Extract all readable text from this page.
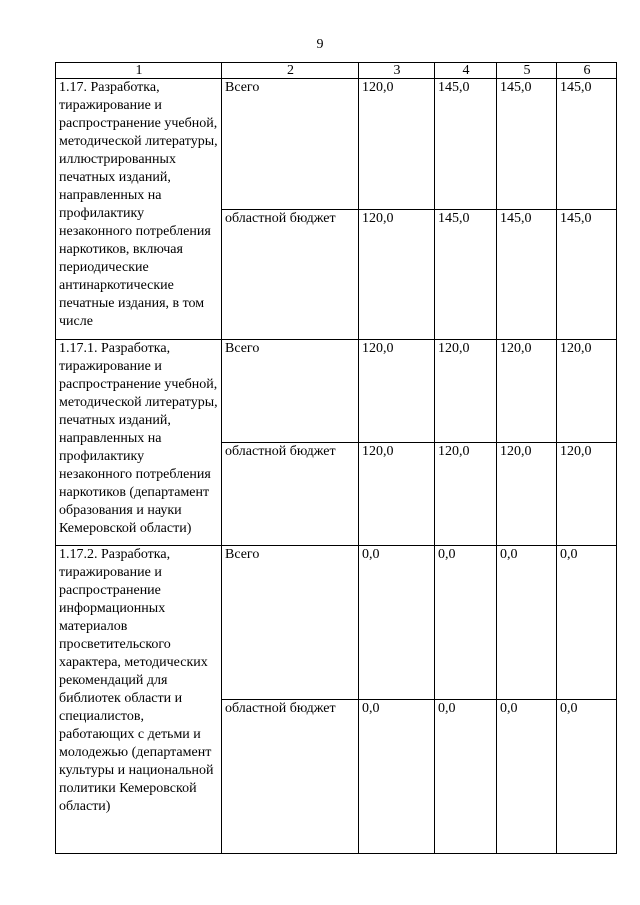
9
1	2	3	4	5	6
1.17. Разработка, тиражирование и распространение учебной, методической литературы, иллюстрированных печатных изданий, направленных на профилактику незаконного потребления наркотиков, включая периодические антинаркотические печатные издания, в том числе	Всего	120,0	145,0	145,0	145,0
	областной бюджет	120,0	145,0	145,0	145,0
1.17.1. Разработка, тиражирование и распространение учебной, методической литературы, печатных изданий, направленных на профилактику незаконного потребления наркотиков (департамент образования и науки Кемеровской области)	Всего	120,0	120,0	120,0	120,0
	областной бюджет	120,0	120,0	120,0	120,0
1.17.2. Разработка, тиражирование и распространение информационных материалов просветительского характера, методических рекомендаций для библиотек области и специалистов, работающих с детьми и молодежью (департамент культуры и национальной политики Кемеровской области)	Всего	0,0	0,0	0,0	0,0
	областной бюджет	0,0	0,0	0,0	0,0
